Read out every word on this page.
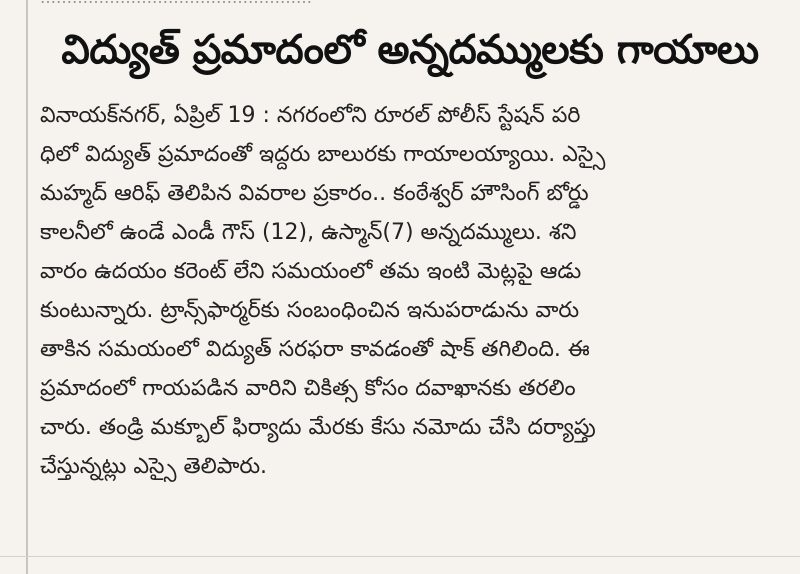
విద్యుత్ ప్రమాదంలో అన్నదమ్ములకు గాయాలు
వినాయక్‌నగర్, ఏప్రిల్ 19 : నగరంలోని రూరల్ పోలీస్ స్టేషన్ పరి
ధిలో విద్యుత్ ప్రమాదంతో ఇద్దరు బాలురకు గాయాలయ్యాయి. ఎస్సై
మహ్మద్ ఆరిఫ్ తెలిపిన వివరాల ప్రకారం.. కంఠేశ్వర్ హౌసింగ్ బోర్డు
కాలనీలో ఉండే ఎండీ గౌస్ (12), ఉస్మాన్(7) అన్నదమ్ములు. శని
వారం ఉదయం కరెంట్ లేని సమయంలో తమ ఇంటి మెట్లపై ఆడు
కుంటున్నారు. ట్రాన్స్‌ఫార్మర్‌కు సంబంధించిన ఇనుపరాడును వారు
తాకిన సమయంలో విద్యుత్ సరఫరా కావడంతో షాక్ తగిలింది. ఈ
ప్రమాదంలో గాయపడిన వారిని చికిత్స కోసం దవాఖానకు తరలిం
చారు. తండ్రి మక్బూల్ ఫిర్యాదు మేరకు కేసు నమోదు చేసి దర్యాప్తు
చేస్తున్నట్లు ఎస్సై తెలిపారు.
